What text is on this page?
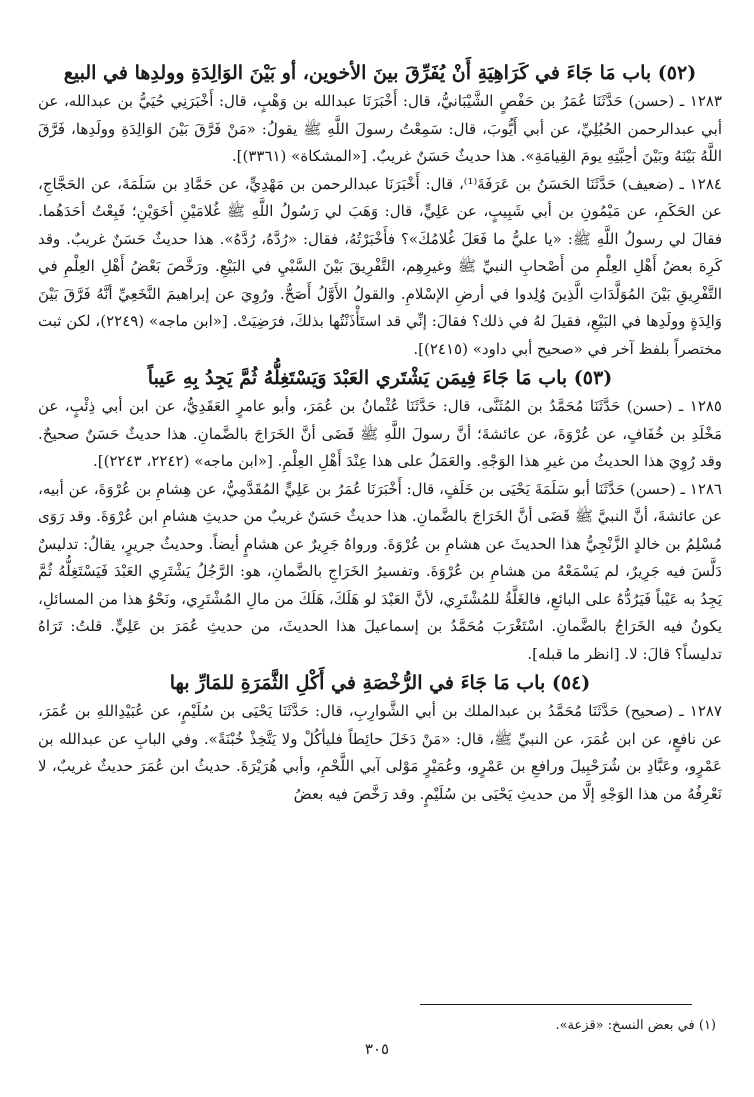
(٥٢) باب مَا جَاءَ في كَرَاهِيَةِ أَنْ يُفَرِّقَ بينَ الأخوين، أو بَيْنَ الوَالِدَةِ وولدِها في البيع

١٢٨٣ ـ (حسن) حَدَّثَنَا عُمَرُ بن حَفْصٍ الشَّيْبَانيُّ، قال: أَخْبَرَنَا عبدالله بن وَهْبٍ، قال: أَخْبَرَنِي حُيَيُّ بن عبدالله، عن أبي عبدالرحمن الحُبُلِيِّ، عن أبي أَيُّوبَ، قال: سَمِعْتُ رسولَ اللَّهِ ﷺ يقولُ: «مَنْ فَرَّقَ بَيْنَ الوَالِدَةِ وولَدِها، فَرَّقَ اللَّهُ بَيْنَهُ وبَيْنَ أحِبَّتِهِ يومَ القِيامَةِ». هذا حديثٌ حَسَنٌ غريبٌ. [«المشكاة» (٣٣٦١)].

١٢٨٤ ـ (ضعيف) حَدَّثَنَا الحَسَنُ بن عَرَفَةَ⁽¹⁾، قال: أَخْبَرَنَا عبدالرحمن بن مَهْدِيٍّ، عن حَمَّادِ بن سَلَمَةَ، عن الحَجَّاجِ، عن الحَكَمِ، عن مَيْمُونِ بن أبي شَبِيبٍ، عن عَلِيٍّ، قال: وَهَبَ لي رَسُولُ اللَّهِ ﷺ غُلامَيْنِ أخَوَيْنِ؛ فَبِعْتُ أحَدَهُما. فقالَ لي رسولُ اللَّهِ ﷺ: «يا عليُّ ما فَعَلَ غُلامُكَ»؟ فأَخْبَرْتُهُ، فقال: «رُدَّهُ، رُدَّهُ». هذا حديثٌ حَسَنٌ غريبٌ. وقد كَرِهَ بعضُ أَهْلِ العِلْمِ من أَصْحابِ النبيِّ ﷺ وغيرِهِم، التَّفْرِيقَ بَيْنَ السَّبْيِ في البَيْعِ. ورَخَّصَ بَعْضُ أَهْلِ العِلْمِ في التَّفْرِيقِ بَيْنَ المُوَلَّدَاتِ الَّذِينَ وُلِدوا في أرضِ الإسْلامِ. والقولُ الأَوَّلُ أَصَحُّ. ورُوِيَ عن إبراهيمَ النَّخَعِيِّ أنَّهُ فَرَّقَ بَيْنَ وَالِدَةٍ وولَدِها في البَيْعِ، فقيلَ لهُ في ذلك؟ فقالَ: إنِّي قد استَأْذَنْتُها بذلكَ، فرَضِيَتْ. [«ابن ماجه» (٢٢٤٩)، لكن ثبت مختصراً بلفظ آخر في «صحيح أبي داود» (٢٤١٥)].

(٥٣) باب مَا جَاءَ فِيمَن يَشْتَري العَبْدَ وَيَسْتَغِلُّهُ ثُمَّ يَجِدُ بِهِ عَيباً

١٢٨٥ ـ (حسن) حَدَّثَنَا مُحَمَّدُ بن المُثَنَّى، قال: حَدَّثَنَا عُثْمانُ بن عُمَرَ، وأبو عامرٍ العَقَدِيُّ، عن ابن أبي ذِئْبٍ، عن مَخْلَدِ بن خُفَافٍ، عن عُرْوَةَ، عن عائشةَ؛ أنَّ رسولَ اللَّهِ ﷺ قَضَى أنَّ الخَرَاجَ بالضَّمانِ. هذا حديثٌ حَسَنٌ صحيحٌ. وقد رُوِيَ هذا الحديثُ من غيرِ هذا الوَجْهِ. والعَمَلُ على هذا عِنْدَ أَهْلِ العِلْمِ. [«ابن ماجه» (٢٢٤٢، ٢٢٤٣)].

١٢٨٦ ـ (حسن) حَدَّثَنَا أبو سَلَمَةَ يَحْيَى بن خَلَفٍ، قال: أَخْبَرَنَا عُمَرُ بن عَلِيٍّ المُقَدَّمِيُّ، عن هِشامِ بن عُرْوَةَ، عن أبيه، عن عائشةَ، أنَّ النبيَّ ﷺ قَضَى أنَّ الخَرَاجَ بالضَّمانِ. هذا حديثٌ حَسَنٌ غريبٌ من حديثِ هشامِ ابن عُرْوَةَ. وقد رَوَى مُسْلِمُ بن خالدٍ الزَّنْجِيُّ هذا الحديثَ عن هشامِ بن عُرْوَةَ. ورواهُ جَرِيرٌ عن هشامٍ أيضاً. وحديثُ جريرٍ، يقالُ: تدليسٌ دَلَّسَ فيه جَرِيرٌ، لم يَسْمَعْهُ من هشامِ بن عُرْوَةَ. وتفسيرُ الخَرَاجِ بالضَّمانِ، هو: الرَّجُلُ يَشْتَرِي العَبْدَ فَيَسْتَغِلُّهُ ثُمَّ يَجِدُ به عَيْباً فَيَرُدُّهُ على البائعِ، فالغَلَّةُ للمُشْتَرِي، لأنَّ العَبْدَ لو هَلَكَ، هَلَكَ من مالِ المُشْتَرِي، ونَحْوُ هذا من المسائلِ، يكونُ فيه الخَرَاجُ بالضَّمانِ. اسْتَغْرَبَ مُحَمَّدُ بن إسماعيلَ هذا الحديثَ، من حديثِ عُمَرَ بن عَلِيٍّ. قلتُ: تَرَاهُ تدليساً؟ قالَ: لا. [انظر ما قبله].

(٥٤) باب مَا جَاءَ في الرُّخْصَةِ في أَكْلِ الثَّمَرَةِ للمَارِّ بها

١٢٨٧ ـ (صحيح) حَدَّثَنَا مُحَمَّدُ بن عبدالملك بن أبي الشَّوارِبِ، قال: حَدَّثَنَا يَحْيَى بن سُلَيْمٍ، عن عُبَيْدِاللهِ بن عُمَرَ، عن نافعٍ، عن ابن عُمَرَ، عن النبيِّ ﷺ، قال: «مَنْ دَخَلَ حائِطاً فليأكُلْ ولا يَتَّخِذْ خُبْنَةً». وفي البابِ عن عبدالله بن عَمْرٍو، وعَبَّادِ بن شُرَحْبِيلَ ورافعِ بن عَمْرٍو، وعُمَيْرٍ مَوْلى آبي اللَّحْمِ، وأبي هُرَيْرَةَ. حديثُ ابن عُمَرَ حديثٌ غريبٌ، لا نَعْرِفُهُ من هذا الوَجْهِ إلَّا من حديثِ يَحْيَى بن سُلَيْمٍ. وقد رَخَّصَ فيه بعضُ

(١) في بعض النسخ: «قزعة».
٣٠٥
